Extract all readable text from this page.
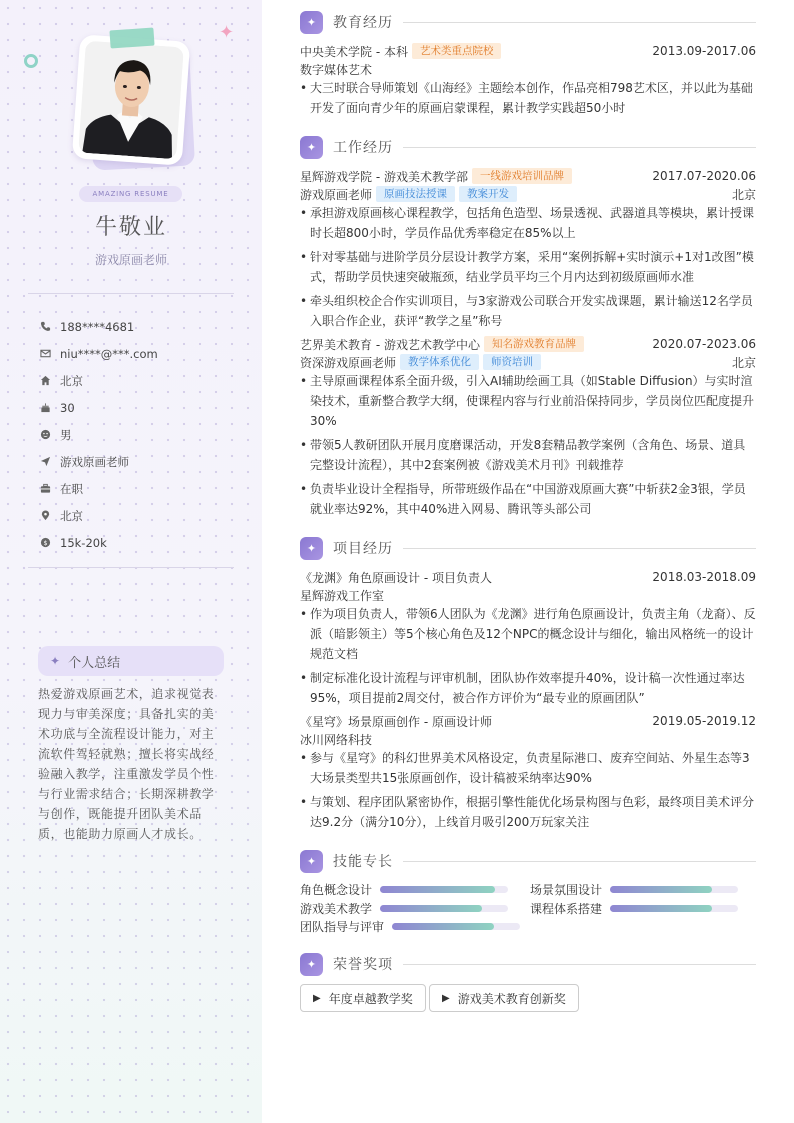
✦
AMAZING RESUME
牛敬业
游戏原画老师
188****4681
niu****@***.com
北京
30
男
游戏原画老师
在职
北京
$ 15k-20k
✦ 个人总结
热爱游戏原画艺术，追求视觉表现力与审美深度；具备扎实的美术功底与全流程设计能力，对主流软件驾轻就熟；擅长将实战经验融入教学，注重激发学员个性与行业需求结合；长期深耕教学与创作，既能提升团队美术品质，也能助力原画人才成长。
✦	教育经历
中央美术学院 - 本科	艺术类重点院校	2013.09-2017.06
数字媒体艺术
• 大三时联合导师策划《山海经》主题绘本创作，作品亮相798艺术区，并以此为基础开发了面向青少年的原画启蒙课程，累计教学实践超50小时
✦	工作经历
星辉游戏学院 - 游戏美术教学部	一线游戏培训品牌	2017.07-2020.06
游戏原画老师	原画技法授课	教案开发	北京
• 承担游戏原画核心课程教学，包括角色造型、场景透视、武器道具等模块，累计授课时长超800小时，学员作品优秀率稳定在85%以上
• 针对零基础与进阶学员分层设计教学方案，采用“案例拆解+实时演示+1对1改图”模式，帮助学员快速突破瓶颈，结业学员平均三个月内达到初级原画师水准
• 牵头组织校企合作实训项目，与3家游戏公司联合开发实战课题，累计输送12名学员入职合作企业，获评“教学之星”称号
艺界美术教育 - 游戏艺术教学中心	知名游戏教育品牌	2020.07-2023.06
资深游戏原画老师	教学体系优化	师资培训	北京
• 主导原画课程体系全面升级，引入AI辅助绘画工具（如Stable Diffusion）与实时渲染技术，重新整合教学大纲，使课程内容与行业前沿保持同步，学员岗位匹配度提升30%
• 带领5人教研团队开展月度磨课活动，开发8套精品教学案例（含角色、场景、道具完整设计流程），其中2套案例被《游戏美术月刊》刊载推荐
• 负责毕业设计全程指导，所带班级作品在“中国游戏原画大赛”中斩获2金3银，学员就业率达92%，其中40%进入网易、腾讯等头部公司
✦	项目经历
《龙渊》角色原画设计 - 项目负责人	2018.03-2018.09
星辉游戏工作室
• 作为项目负责人，带领6人团队为《龙渊》进行角色原画设计，负责主角（龙裔）、反派（暗影领主）等5个核心角色及12个NPC的概念设计与细化，输出风格统一的设计规范文档
• 制定标准化设计流程与评审机制，团队协作效率提升40%，设计稿一次性通过率达95%，项目提前2周交付，被合作方评价为“最专业的原画团队”
《星穹》场景原画创作 - 原画设计师	2019.05-2019.12
冰川网络科技
• 参与《星穹》的科幻世界美术风格设定，负责星际港口、废弃空间站、外星生态等3大场景类型共15张原画创作，设计稿被采纳率达90%
• 与策划、程序团队紧密协作，根据引擎性能优化场景构图与色彩，最终项目美术评分达9.2分（满分10分），上线首月吸引200万玩家关注
✦	技能专长
角色概念设计	场景氛围设计
游戏美术教学	课程体系搭建
团队指导与评审
✦	荣誉奖项
▶ 年度卓越教学奖	▶ 游戏美术教育创新奖
